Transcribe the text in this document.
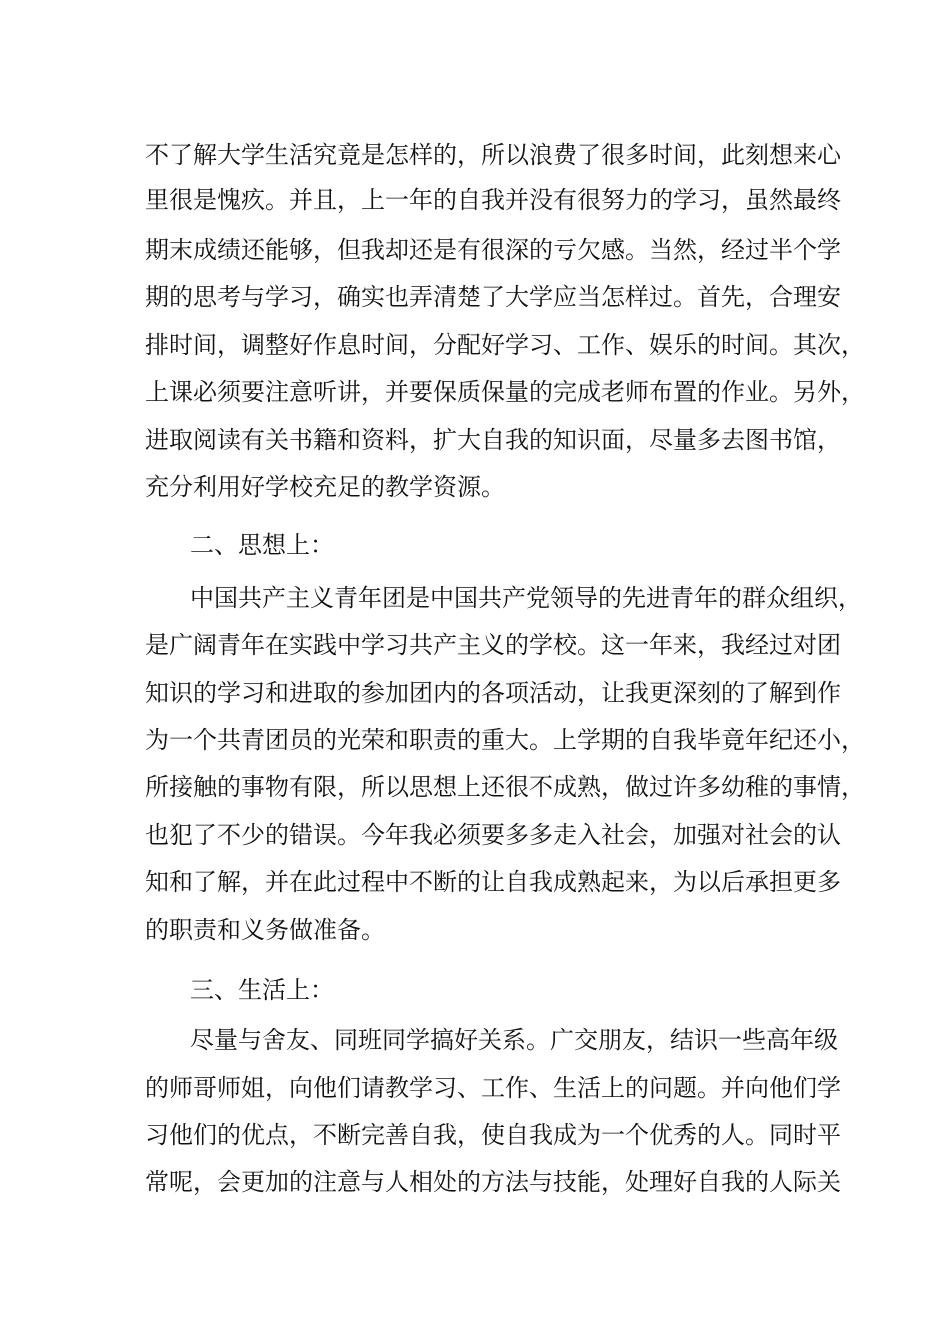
不了解大学生活究竟是怎样的，所以浪费了很多时间，此刻想来心
里很是愧疚。并且，上一年的自我并没有很努力的学习，虽然最终
期末成绩还能够，但我却还是有很深的亏欠感。当然，经过半个学
期的思考与学习，确实也弄清楚了大学应当怎样过。首先，合理安
排时间，调整好作息时间，分配好学习、工作、娱乐的时间。其次，
上课必须要注意听讲，并要保质保量的完成老师布置的作业。另外，
进取阅读有关书籍和资料，扩大自我的知识面，尽量多去图书馆，
充分利用好学校充足的教学资源。
二、思想上：
中国共产主义青年团是中国共产党领导的先进青年的群众组织，
是广阔青年在实践中学习共产主义的学校。这一年来，我经过对团
知识的学习和进取的参加团内的各项活动，让我更深刻的了解到作
为一个共青团员的光荣和职责的重大。上学期的自我毕竟年纪还小，
所接触的事物有限，所以思想上还很不成熟，做过许多幼稚的事情，
也犯了不少的错误。今年我必须要多多走入社会，加强对社会的认
知和了解，并在此过程中不断的让自我成熟起来，为以后承担更多
的职责和义务做准备。
三、生活上：
尽量与舍友、同班同学搞好关系。广交朋友，结识一些高年级
的师哥师姐，向他们请教学习、工作、生活上的问题。并向他们学
习他们的优点，不断完善自我，使自我成为一个优秀的人。同时平
常呢，会更加的注意与人相处的方法与技能，处理好自我的人际关
